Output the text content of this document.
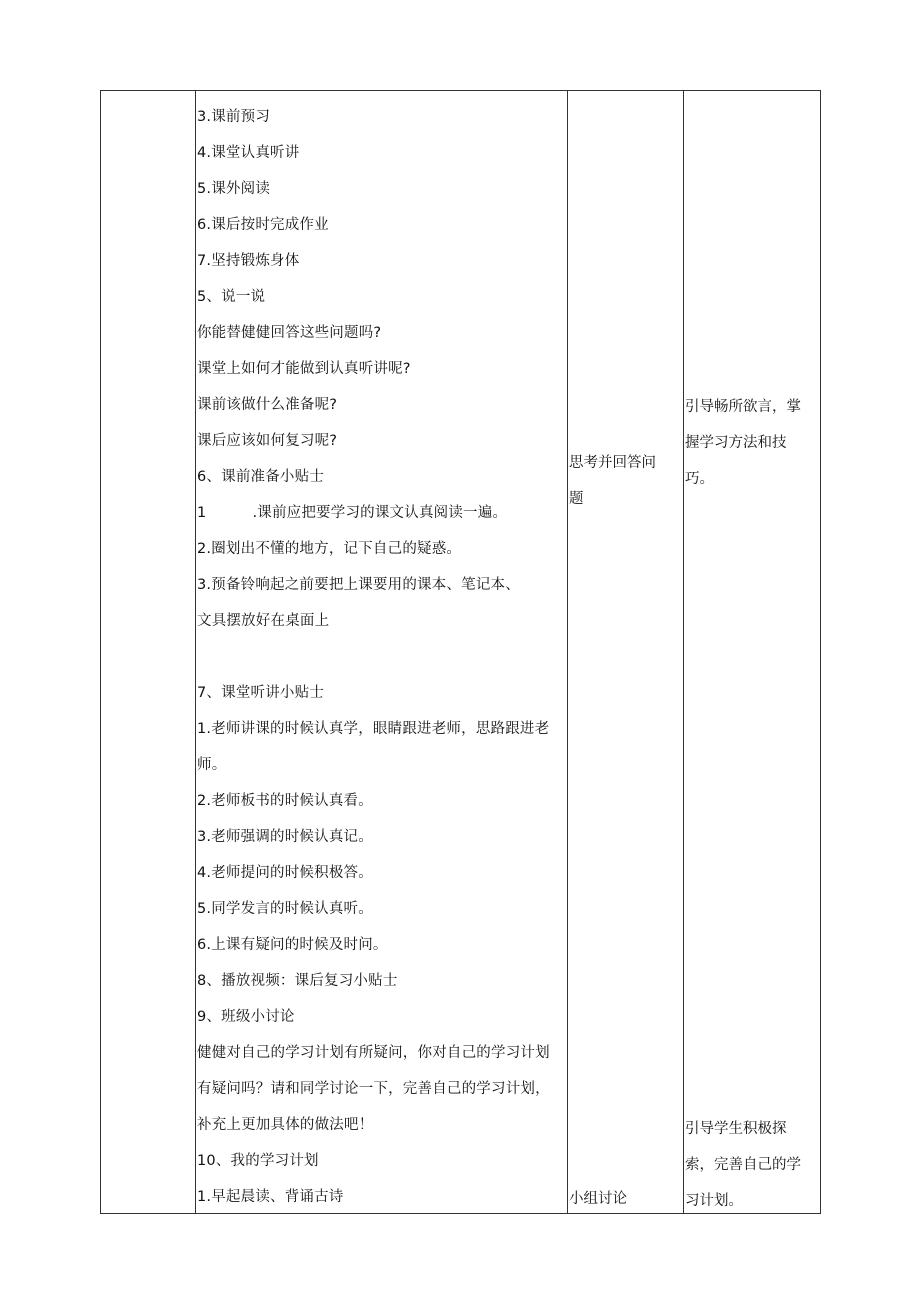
3.课前预习
4.课堂认真听讲
5.课外阅读
6.课后按时完成作业
7.坚持锻炼身体
5、说一说
你能替健健回答这些问题吗?
课堂上如何才能做到认真听讲呢?
课前该做什么准备呢?
课后应该如何复习呢?
6、课前准备小贴士
1	.课前应把要学习的课文认真阅读一遍。
2.圈划出不懂的地方，记下自己的疑惑。
3.预备铃响起之前要把上课要用的课本、笔记本、
文具摆放好在桌面上
7、课堂听讲小贴士
1.老师讲课的时候认真学，眼睛跟进老师，思路跟进老
师。
2.老师板书的时候认真看。
3.老师强调的时候认真记。
4.老师提问的时候积极答。
5.同学发言的时候认真听。
6.上课有疑问的时候及时问。
8、播放视频：课后复习小贴士
9、班级小讨论
健健对自己的学习计划有所疑问，你对自己的学习计划
有疑问吗？请和同学讨论一下，完善自己的学习计划，
补充上更加具体的做法吧！
10、我的学习计划
1.早起晨读、背诵古诗
思考并回答问
题
小组讨论
引导畅所欲言，掌
握学习方法和技
巧。
引导学生积极探
索，完善自己的学
习计划。
